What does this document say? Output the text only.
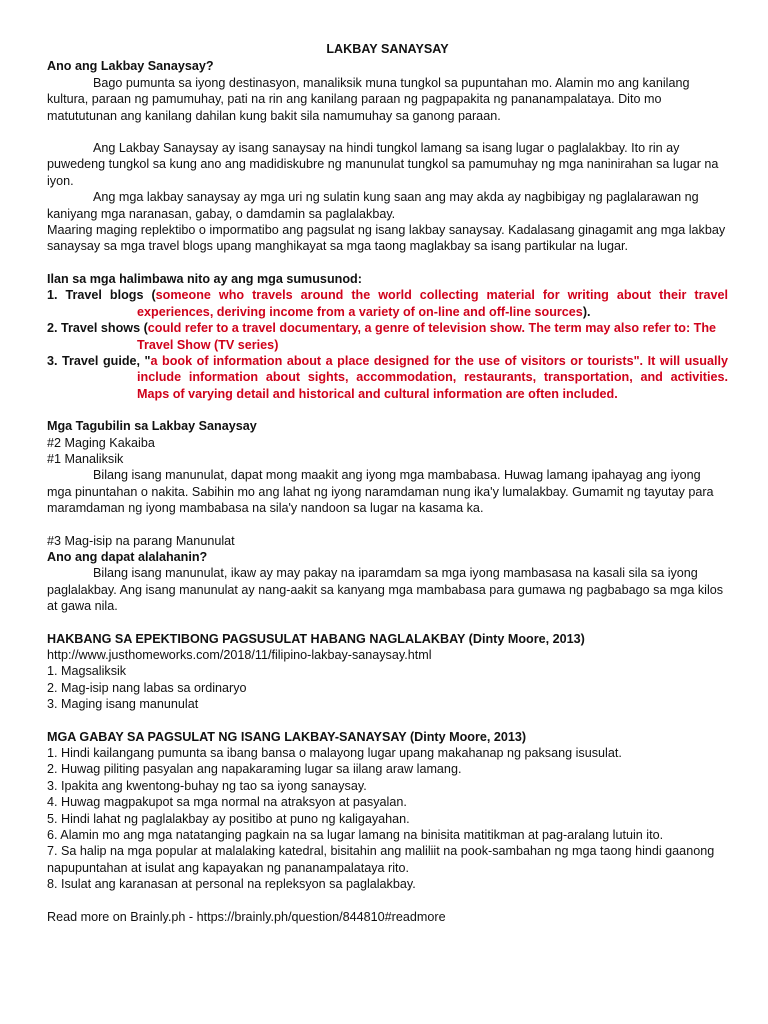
LAKBAY SANAYSAY

Ano ang Lakbay Sanaysay?

Bago pumunta sa iyong destinasyon, manaliksik muna tungkol sa pupuntahan mo. Alamin mo ang kanilang kultura, paraan ng pamumuhay, pati na rin ang kanilang paraan ng pagpapakita ng pananampalataya. Dito mo matututunan ang kanilang dahilan kung bakit sila namumuhay sa ganong paraan.

Ang Lakbay Sanaysay ay isang sanaysay na hindi tungkol lamang sa isang lugar o paglalakbay. Ito rin ay puwedeng tungkol sa kung ano ang madidiskubre ng manunulat tungkol sa pamumuhay ng mga naninirahan sa lugar na iyon.

Ang mga lakbay sanaysay ay mga uri ng sulatin kung saan ang may akda ay nagbibigay ng paglalarawan ng kaniyang mga naranasan, gabay, o damdamin sa paglalakbay.

Maaring maging replektibo o impormatibo ang pagsulat ng isang lakbay sanaysay. Kadalasang ginagamit ang mga lakbay sanaysay sa mga travel blogs upang manghikayat sa mga taong maglakbay sa isang partikular na lugar.

Ilan sa mga halimbawa nito ay ang mga sumusunod:

1. Travel blogs (someone who travels around the world collecting material for writing about their travel experiences, deriving income from a variety of on-line and off-line sources).
2. Travel shows (could refer to a travel documentary, a genre of television show. The term may also refer to: The Travel Show (TV series)
3. Travel guide, "a book of information about a place designed for the use of visitors or tourists". It will usually include information about sights, accommodation, restaurants, transportation, and activities. Maps of varying detail and historical and cultural information are often included.

Mga Tagubilin sa Lakbay Sanaysay

#2 Maging Kakaiba

#1 Manaliksik

Bilang isang manunulat, dapat mong maakit ang iyong mga mambabasa. Huwag lamang ipahayag ang iyong mga pinuntahan o nakita. Sabihin mo ang lahat ng iyong naramdaman nung ika'y lumalakbay. Gumamit ng tayutay para maramdaman ng iyong mambabasa na sila'y nandoon sa lugar na kasama ka.

#3 Mag-isip na parang Manunulat

Ano ang dapat alalahanin?

Bilang isang manunulat, ikaw ay may pakay na iparamdam sa mga iyong mambasasa na kasali sila sa iyong paglalakbay. Ang isang manunulat ay nang-aakit sa kanyang mga mambabasa para gumawa ng pagbabago sa mga kilos at gawa nila.

HAKBANG SA EPEKTIBONG PAGSUSULAT HABANG NAGLALAKBAY (Dinty Moore, 2013)

http://www.justhomeworks.com/2018/11/filipino-lakbay-sanaysay.html

1. Magsaliksik

2. Mag-isip nang labas sa ordinaryo

3. Maging isang manunulat

MGA GABAY SA PAGSULAT NG ISANG LAKBAY-SANAYSAY (Dinty Moore, 2013)

1. Hindi kailangang pumunta sa ibang bansa o malayong lugar upang makahanap ng paksang isusulat.

2. Huwag piliting pasyalan ang napakaraming lugar sa iilang araw lamang.

3. Ipakita ang kwentong-buhay ng tao sa iyong sanaysay.

4. Huwag magpakupot sa mga normal na atraksyon at pasyalan.

5. Hindi lahat ng paglalakbay ay positibo at puno ng kaligayahan.

6. Alamin mo ang mga natatanging pagkain na sa lugar lamang na binisita matitikman at pag-aralang lutuin ito.

7. Sa halip na mga popular at malalaking katedral, bisitahin ang maliliit na pook-sambahan ng mga taong hindi gaanong napupuntahan at isulat ang kapayakan ng pananampalataya rito.

8. Isulat ang karanasan at personal na repleksyon sa paglalakbay.

Read more on Brainly.ph - https://brainly.ph/question/844810#readmore
